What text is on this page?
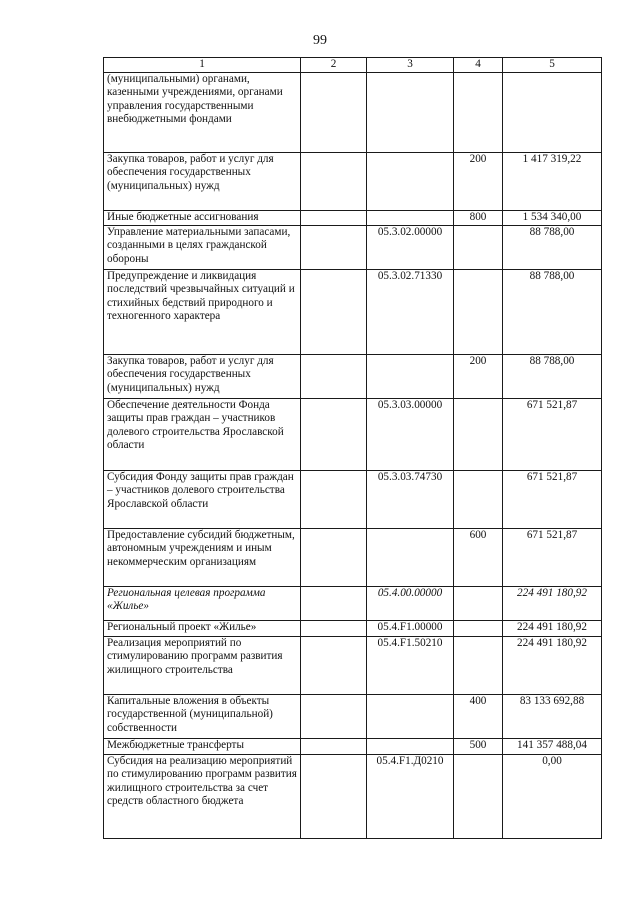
99
1	2	3	4	5
(муниципальными) органами, казенными учреждениями, органами управления государственными внебюджетными фондами				
Закупка товаров, работ и услуг для обеспечения государственных (муниципальных) нужд			200	1 417 319,22
Иные бюджетные ассигнования			800	1 534 340,00
Управление материальными запасами, созданными в целях гражданской обороны		05.3.02.00000		88 788,00
Предупреждение и ликвидация последствий чрезвычайных ситуаций и стихийных бедствий природного и техногенного характера		05.3.02.71330		88 788,00
Закупка товаров, работ и услуг для обеспечения государственных (муниципальных) нужд			200	88 788,00
Обеспечение деятельности Фонда защиты прав граждан – участников долевого строительства Ярославской области		05.3.03.00000		671 521,87
Субсидия Фонду защиты прав граждан – участников долевого строительства Ярославской области		05.3.03.74730		671 521,87
Предоставление субсидий бюджетным, автономным учреждениям и иным некоммерческим организациям			600	671 521,87
Региональная целевая программа «Жилье»		05.4.00.00000		224 491 180,92
Региональный проект «Жилье»		05.4.F1.00000		224 491 180,92
Реализация мероприятий по стимулированию программ развития жилищного строительства		05.4.F1.50210		224 491 180,92
Капитальные вложения в объекты государственной (муниципальной) собственности			400	83 133 692,88
Межбюджетные трансферты			500	141 357 488,04
Субсидия на реализацию мероприятий по стимулированию программ развития жилищного строительства за счет средств областного бюджета		05.4.F1.Д0210		0,00
